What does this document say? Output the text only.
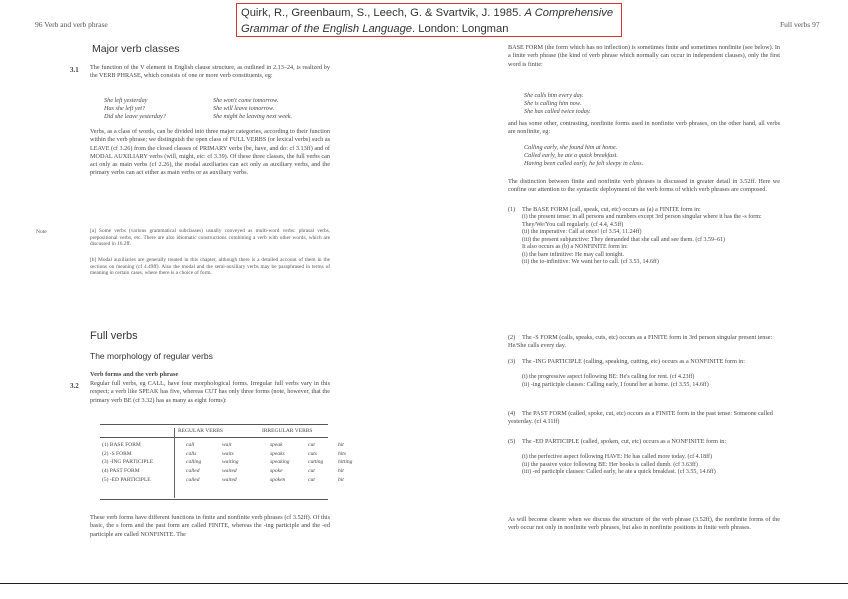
Quirk, R., Greenbaum, S., Leech, G. & Svartvik, J. 1985. A Comprehensive Grammar of the English Language. London: Longman
96 Verb and verb phrase
Major verb classes
3.1 The function of the V element in English clause structure, as outlined in 2.13–24, is realized by the VERB PHRASE, which consists of one or more verb constituents, eg:
She left yesterday
Has she left yet?
Did she leave yesterday?
She won't come tomorrow.
She will leave tomorrow.
She might be leaving next week.
Verbs, as a class of words, can be divided into three major categories, according to their function within the verb phrase; we distinguish the open class of FULL VERBS (or lexical verbs) such as LEAVE (cf 3.26) from the closed classes of PRIMARY verbs (be, have, and do: cf 3.13ff) and of MODAL AUXILIARY verbs (will, might, etc: cf 3.39). Of these three classes, the full verbs can act only as main verbs (cf 2.26), the modal auxiliaries can act only as auxiliary verbs, and the primary verbs can act either as main verbs or as auxiliary verbs.
Note	[a] Some verbs (various grammatical subclasses) usually conveyed as multi-word verbs: phrasal verbs, prepositional verbs, etc. There are also idiomatic constructions combining a verb with other words, which are discussed in 16.2ff.
[b] Modal auxiliaries are generally treated in this chapter, although there is a detailed account of them in the sections on meaning (cf 4.49ff). Also the modal and the semi-auxiliary verbs may be paraphrased in terms of meaning in certain cases, where there is a choice of form.
Full verbs
The morphology of regular verbs
Verb forms and the verb phrase
3.2 Regular full verbs, eg CALL, have four morphological forms. Irregular full verbs vary in this respect; a verb like SPEAK has five, whereas CUT has only three forms (note, however, that the primary verb BE (cf 3.32) has as many as eight forms):
REGULAR VERBS	IRREGULAR VERBS
(1) BASE FORM	call	wait	speak	cut	hit
(2) -S FORM	calls	waits	speaks	cuts	hits
(3) -ING PARTICIPLE	calling	waiting	speaking	cutting	hitting
(4) PAST FORM	called	waited	spoke	cut	hit
(5) -ED PARTICIPLE	called	waited	spoken	cut	hit
These verb forms have different functions in finite and nonfinite verb phrases (cf 3.52ff). Of this basic, the s form and the past form are called FINITE, whereas the -ing participle and the -ed participle are called NONFINITE. The
Full verbs 97
BASE FORM (the form which has no inflection) is sometimes finite and sometimes nonfinite (see below). In a finite verb phrase (the kind of verb phrase which normally can occur in independent clauses), only the first word is finite:
She calls him every day.
She is calling him now.
She has called twice today.
and has some other, contrasting, nonfinite forms used in nonfinite verb phrases, on the other hand, all verbs are nonfinite, eg:
Calling early, she found him at home.
Called early, he ate a quick breakfast.
Having been called early, he felt sleepy in class.
The distinction between finite and nonfinite verb phrases is discussed in greater detail in 3.52ff. Here we confine our attention to the syntactic deployment of the verb forms of which verb phrases are composed.
(1) The BASE FORM (call, speak, cut, etc) occurs as (a) a FINITE form in:
(i) the present tense: in all persons and numbers except 3rd person singular where it has the -s form: They/We/You call regularly. (cf 4.4, 4.5ff)
(ii) the imperative: Call at once! (cf 3.54, 11.24ff)
(iii) the present subjunctive: They demanded that she call and see them. (cf 3.59–61)
It also occurs as (b) a NONFINITE form in:
(i) the bare infinitive: He may call tonight.
(ii) the to-infinitive: We want her to call. (cf 3.53, 14.6ff)
(2) The -S FORM (calls, speaks, cuts, etc) occurs as a FINITE form in 3rd person singular present tense: He/She calls every day.
(3) The -ING PARTICIPLE (calling, speaking, cutting, etc) occurs as a NONFINITE form in:
(i) the progressive aspect following BE: He's calling for rent. (cf 4.23ff)
(ii) -ing participle clauses: Calling early, I found her at home. (cf 3.55, 14.6ff)
(4) The PAST FORM (called, spoke, cut, etc) occurs as a FINITE form in the past tense: Someone called yesterday. (cf 4.11ff)
(5) The -ED PARTICIPLE (called, spoken, cut, etc) occurs as a NONFINITE form in:
(i) the perfective aspect following HAVE: He has called more today. (cf 4.18ff)
(ii) the passive voice following BE: Her books is called dumb. (cf 3.63ff)
(iii) -ed participle clauses: Called early, he ate a quick breakfast. (cf 3.55, 14.6ff)
As will become clearer when we discuss the structure of the verb phrase (3.52ff), the nonfinite forms of the verb occur not only in nonfinite verb phrases, but also in nonfinite positions in finite verb phrases.
